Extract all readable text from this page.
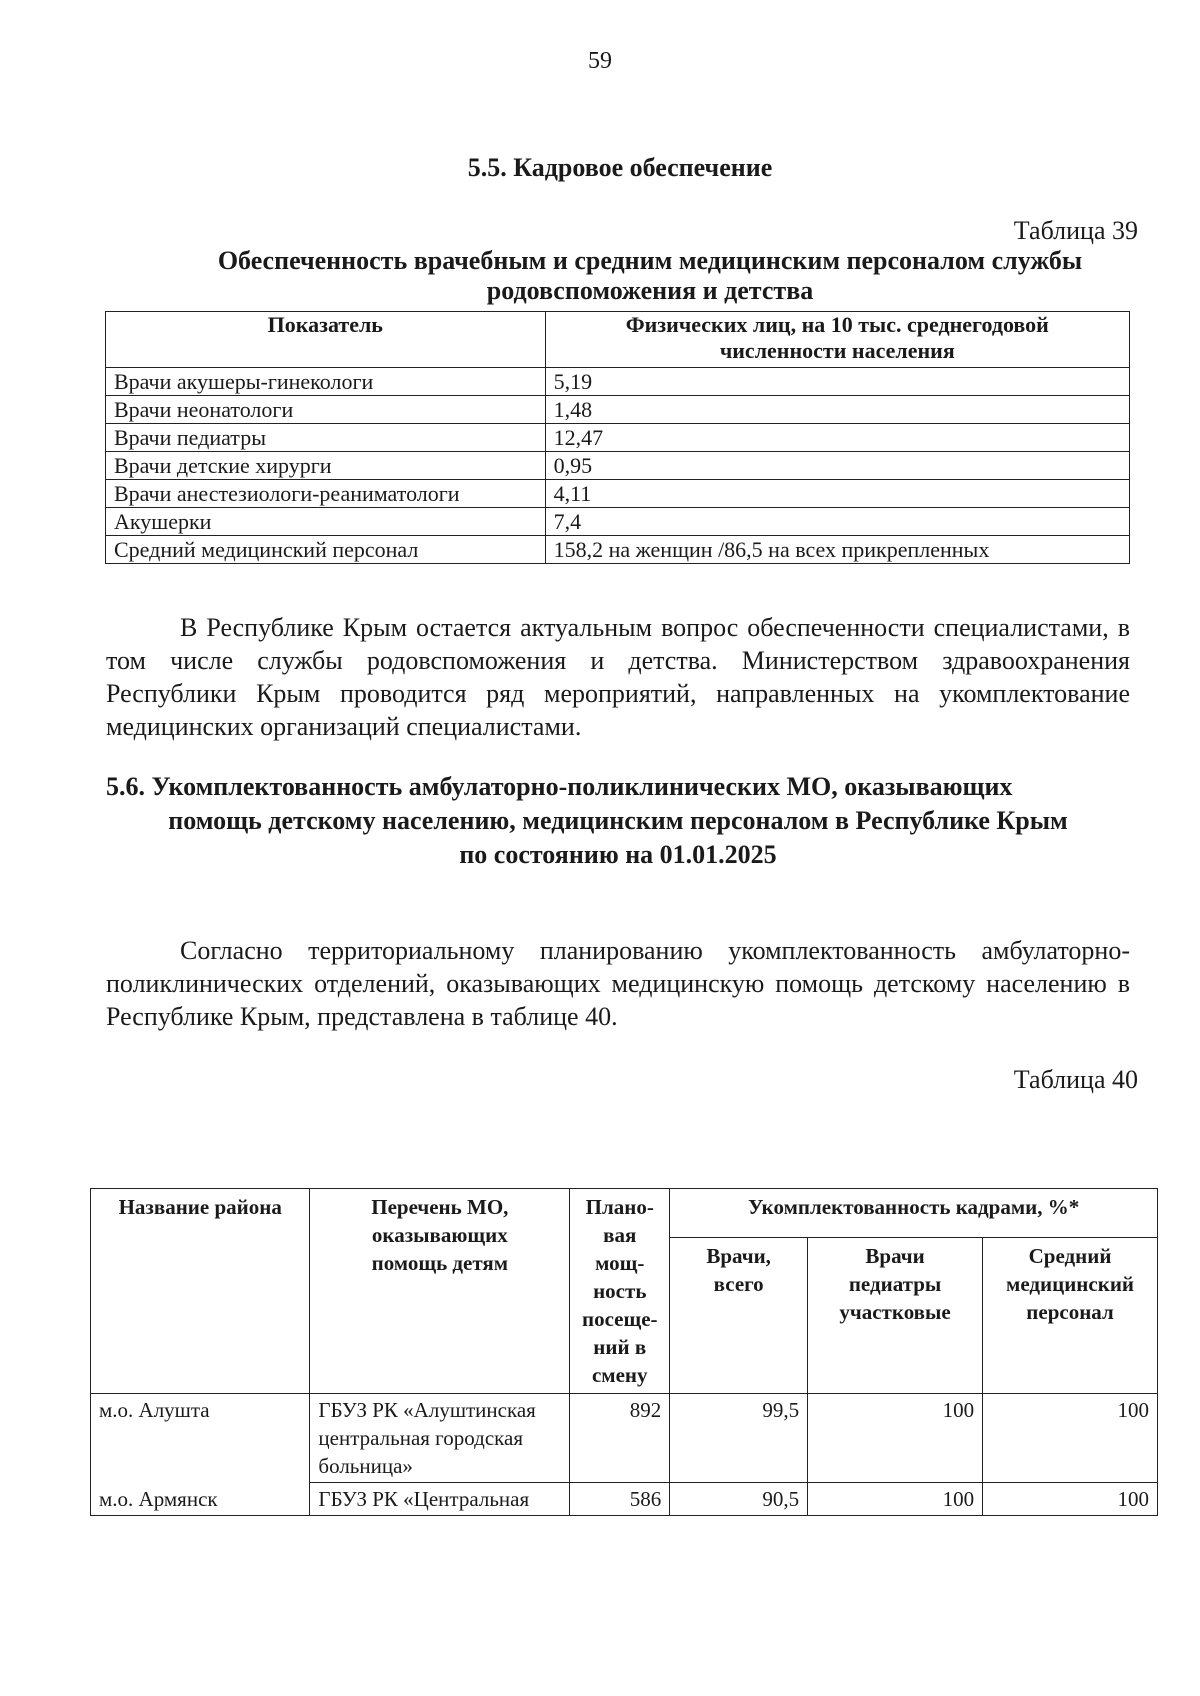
59
5.5. Кадровое обеспечение
Таблица 39
Обеспеченность врачебным и средним медицинским персоналом службы
родовспоможения и детства
Показатель	Физических лиц, на 10 тыс. среднегодовой
численности населения

Врачи акушеры-гинекологи	5,19
Врачи неонатологи	1,48
Врачи педиатры	12,47
Врачи детские хирурги	0,95
Врачи анестезиологи-реаниматологи	4,11
Акушерки	7,4
Средний медицинский персонал	158,2 на женщин /86,5 на всех прикрепленных
В Республике Крым остается актуальным вопрос обеспеченности специалистами, в том числе службы родовспоможения и детства. Министерством здравоохранения Республики Крым проводится ряд мероприятий, направленных на укомплектование медицинских организаций специалистами.
5.6. Укомплектованность амбулаторно-поликлинических МО, оказывающих
помощь детскому населению, медицинским персоналом в Республике Крым
по состоянию на 01.01.2025
Согласно территориальному планированию укомплектованность амбулаторно-поликлинических отделений, оказывающих медицинскую помощь детскому населению в Республике Крым, представлена в таблице 40.
Таблица 40
Название района	Перечень МО, оказывающих помощь детям	Плано-вая мощ-ность посеще-ний в смену	Укомплектованность кадрами, %*		
			Врачи, всего	Врачи педиатры участковые	Средний медицинский персонал
м.о. Алушта	ГБУЗ РК «Алуштинская центральная городская больница»	892	99,5	100	100
м.о. Армянск	ГБУЗ РК «Центральная	586	90,5	100	100
